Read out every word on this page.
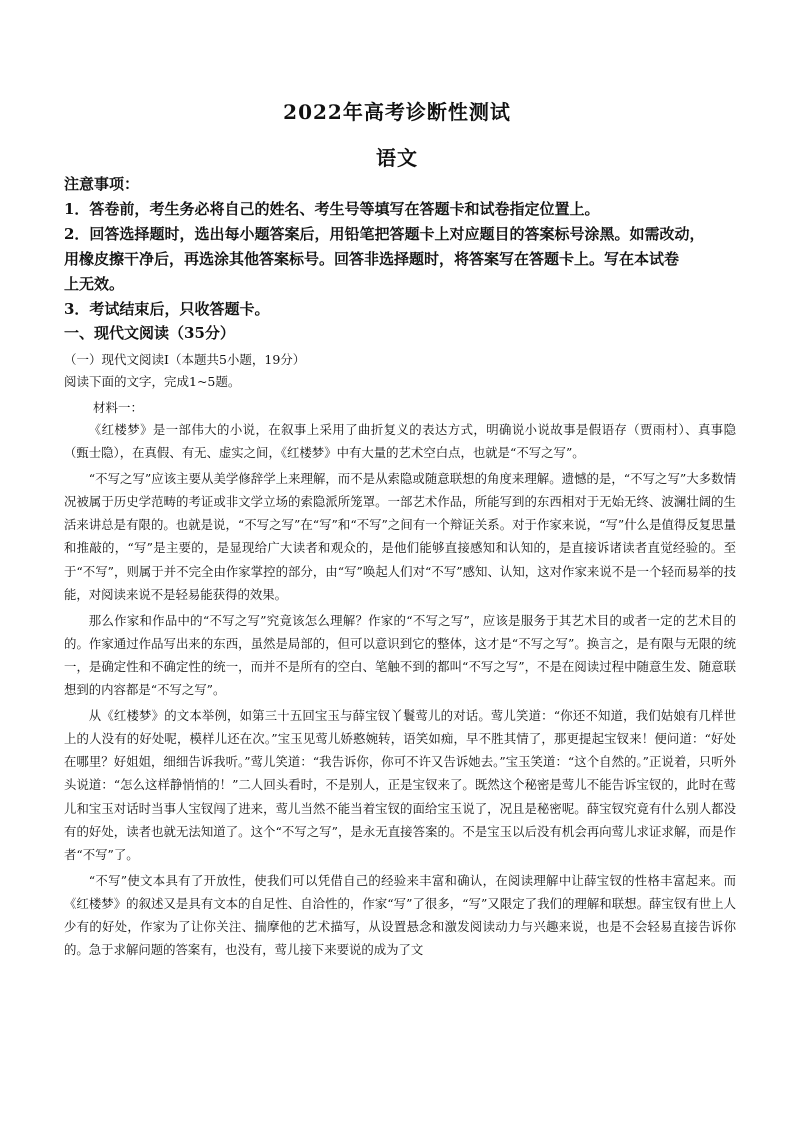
2022年高考诊断性测试
语文
注意事项：
1．答卷前，考生务必将自己的姓名、考生号等填写在答题卡和试卷指定位置上。
2．回答选择题时，选出每小题答案后，用铅笔把答题卡上对应题目的答案标号涂黑。如需改动，
用橡皮擦干净后，再选涂其他答案标号。回答非选择题时，将答案写在答题卡上。写在本试卷
上无效。
3．考试结束后，只收答题卡。
一、现代文阅读（35分）
（一）现代文阅读Ⅰ（本题共5小题，19分）
阅读下面的文字，完成1~5题。
材料一：

《红楼梦》是一部伟大的小说，在叙事上采用了曲折复义的表达方式，明确说小说故事是假语存（贾雨村）、真事隐（甄士隐），在真假、有无、虚实之间，《红楼梦》中有大量的艺术空白点，也就是“不写之写”。

“不写之写”应该主要从美学修辞学上来理解，而不是从索隐或随意联想的角度来理解。遗憾的是，“不写之写”大多数情况被属于历史学范畴的考证或非文学立场的索隐派所笼罩。一部艺术作品，所能写到的东西相对于无始无终、波澜壮阔的生活来讲总是有限的。也就是说，“不写之写”在“写”和“不写”之间有一个辩证关系。对于作家来说，“写”什么是值得反复思量和推敲的，“写”是主要的，是显现给广大读者和观众的，是他们能够直接感知和认知的，是直接诉诸读者直觉经验的。至于“不写”，则属于并不完全由作家掌控的部分，由“写”唤起人们对“不写”感知、认知，这对作家来说不是一个轻而易举的技能，对阅读来说不是轻易能获得的效果。

那么作家和作品中的“不写之写”究竟该怎么理解？作家的“不写之写”，应该是服务于其艺术目的或者一定的艺术目的的。作家通过作品写出来的东西，虽然是局部的，但可以意识到它的整体，这才是“不写之写”。换言之，是有限与无限的统一，是确定性和不确定性的统一，而并不是所有的空白、笔触不到的都叫“不写之写”，不是在阅读过程中随意生发、随意联想到的内容都是“不写之写”。

从《红楼梦》的文本举例，如第三十五回宝玉与薛宝钗丫鬟莺儿的对话。莺儿笑道：“你还不知道，我们姑娘有几样世上的人没有的好处呢，模样儿还在次。”宝玉见莺儿娇憨婉转，语笑如痴，早不胜其情了，那更提起宝钗来！便问道：“好处在哪里？好姐姐，细细告诉我听。”莺儿笑道：“我告诉你，你可不许又告诉她去。”宝玉笑道：“这个自然的。”正说着，只听外头说道：“怎么这样静悄悄的！”二人回头看时，不是别人，正是宝钗来了。既然这个秘密是莺儿不能告诉宝钗的，此时在莺儿和宝玉对话时当事人宝钗闯了进来，莺儿当然不能当着宝钗的面给宝玉说了，况且是秘密呢。薛宝钗究竟有什么别人都没有的好处，读者也就无法知道了。这个“不写之写”，是永无直接答案的。不是宝玉以后没有机会再向莺儿求证求解，而是作者“不写”了。

“不写”使文本具有了开放性，使我们可以凭借自己的经验来丰富和确认，在阅读理解中让薛宝钗的性格丰富起来。而《红楼梦》的叙述又是具有文本的自足性、自洽性的，作家“写”了很多，“写”又限定了我们的理解和联想。薛宝钗有世上人少有的好处，作家为了让你关注、揣摩他的艺术描写，从设置悬念和激发阅读动力与兴趣来说，也是不会轻易直接告诉你的。急于求解问题的答案有，也没有，莺儿接下来要说的成为了文
